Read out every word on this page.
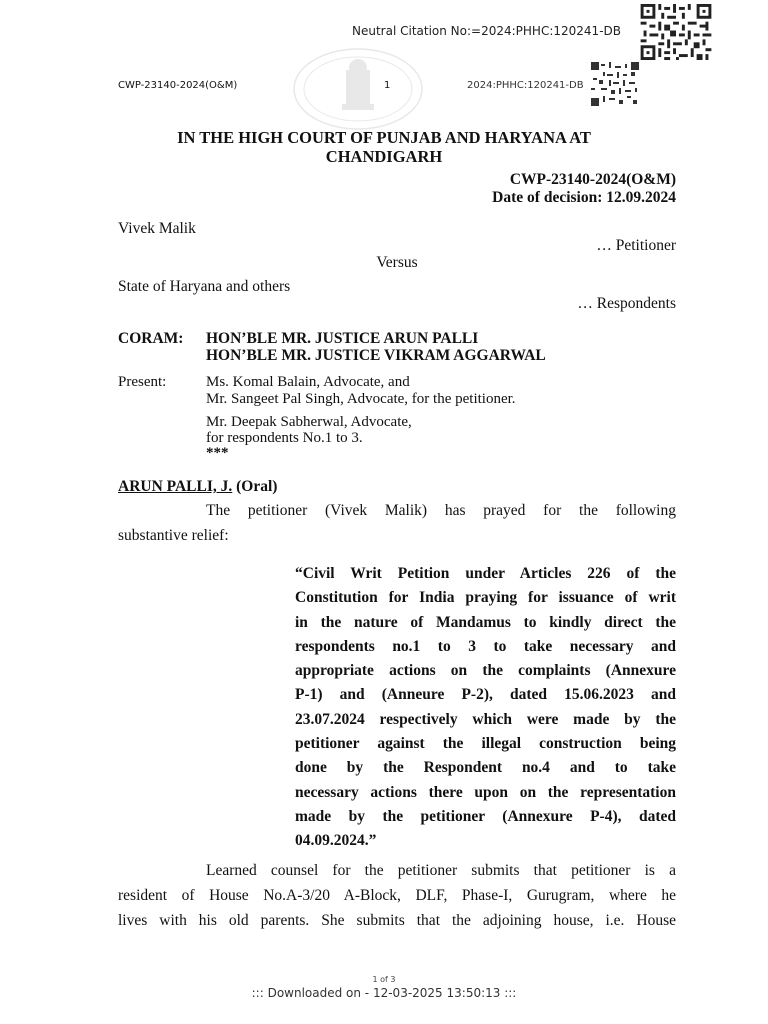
Neutral Citation No:=2024:PHHC:120241-DB
CWP-23140-2024(O&M)	1	2024:PHHC:120241-DB
IN THE HIGH COURT OF PUNJAB AND HARYANA AT
CHANDIGARH
CWP-23140-2024(O&M)
Date of decision: 12.09.2024
Vivek Malik
… Petitioner
Versus
State of Haryana and others
… Respondents
CORAM: HON’BLE MR. JUSTICE ARUN PALLI
HON’BLE MR. JUSTICE VIKRAM AGGARWAL
Present:	Ms. Komal Balain, Advocate, and
Mr. Sangeet Pal Singh, Advocate, for the petitioner.
Mr. Deepak Sabherwal, Advocate,
for respondents No.1 to 3.
***
ARUN PALLI, J. (Oral)
The petitioner (Vivek Malik) has prayed for the following
substantive relief:
“Civil Writ Petition under Articles 226 of the
Constitution for India praying for issuance of writ
in the nature of Mandamus to kindly direct the
respondents no.1 to 3 to take necessary and
appropriate actions on the complaints (Annexure
P-1) and (Anneure P-2), dated 15.06.2023 and
23.07.2024 respectively which were made by the
petitioner against the illegal construction being
done by the Respondent no.4 and to take
necessary actions there upon on the representation
made by the petitioner (Annexure P-4), dated
04.09.2024.”
Learned counsel for the petitioner submits that petitioner is a
resident of House No.A-3/20 A-Block, DLF, Phase-I, Gurugram, where he
lives with his old parents. She submits that the adjoining house, i.e. House
1 of 3
::: Downloaded on - 12-03-2025 13:50:13 :::
